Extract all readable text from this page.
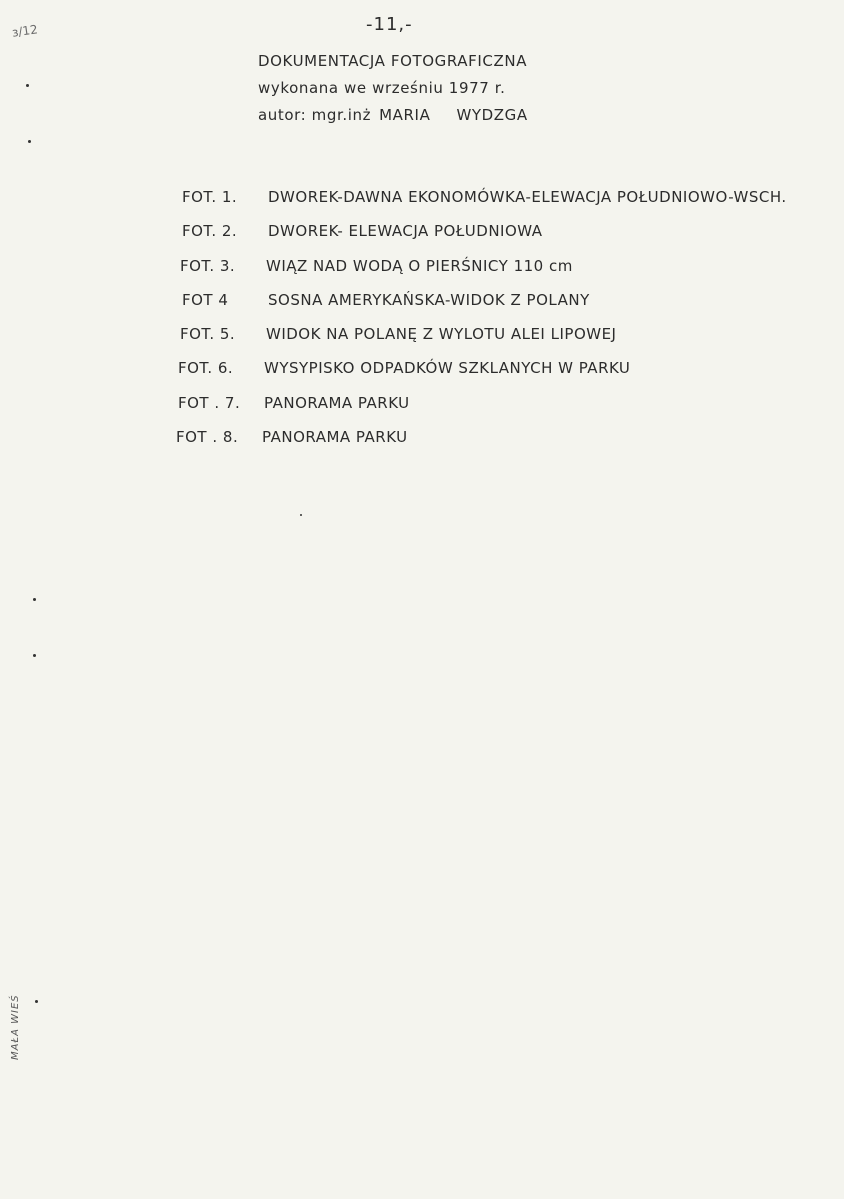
з/12	-11,-
DOKUMENTACJA FOTOGRAFICZNA
wykonana we wrześniu 1977 r.
autor: mgr.inż MARIA WYDZGA
FOT. 1. DWOREK-DAWNA EKONOMÓWKA-ELEWACJA POŁUDNIOWO-WSCH.
FOT. 2. DWOREK- ELEWACJA POŁUDNIOWA
FOT. 3. WIĄZ NAD WODĄ O PIERŚNICY 110 cm
FOT 4	SOSNA AMERYKAŃSKA-WIDOK Z POLANY
FOT. 5. WIDOK NA POLANĘ Z WYLOTU ALEI LIPOWEJ
FOT. 6. WYSYPISKO ODPADKÓW SZKLANYCH W PARKU
FOT . 7. PANORAMA PARKU
FOT . 8. PANORAMA PARKU
MAŁA WIEŚ
